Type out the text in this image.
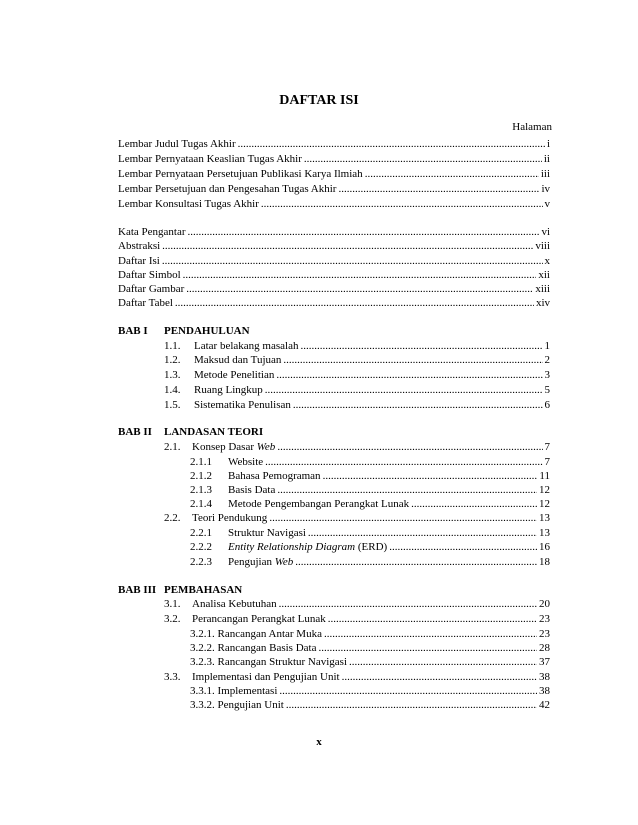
DAFTAR ISI
Halaman
Lembar Judul Tugas Akhir .....	i
Lembar Pernyataan Keaslian Tugas Akhir .....	ii
Lembar Pernyataan Persetujuan Publikasi Karya Ilmiah .....	iii
Lembar Persetujuan dan Pengesahan Tugas Akhir .....	iv
Lembar Konsultasi Tugas Akhir .....	v
Kata Pengantar .....	vi
Abstraksi .....	viii
Daftar Isi .....	x
Daftar Simbol .....	xii
Daftar Gambar .....	xiii
Daftar Tabel .....	xiv
BAB I PENDAHULUAN
1.1.	Latar belakang masalah .....	1
1.2.	Maksud dan Tujuan .....	2
1.3.	Metode Penelitian .....	3
1.4.	Ruang Lingkup .....	5
1.5.	Sistematika Penulisan .....	6
BAB II LANDASAN TEORI
2.1.	Konsep Dasar Web .....	7
2.1.1	Website .....	7
2.1.2	Bahasa Pemograman .....	11
2.1.3	Basis Data .....	12
2.1.4	Metode Pengembangan Perangkat Lunak .....	12
2.2.	Teori Pendukung .....	13
2.2.1	Struktur Navigasi .....	13
2.2.2	Entity Relationship Diagram (ERD) .....	16
2.2.3	Pengujian Web .....	18
BAB III PEMBAHASAN
3.1.	Analisa Kebutuhan .....	20
3.2.	Perancangan Perangkat Lunak .....	23
3.2.1. Rancangan Antar Muka .....	23
3.2.2. Rancangan Basis Data .....	28
3.2.3. Rancangan Struktur Navigasi .....	37
3.3.	Implementasi dan Pengujian Unit .....	38
3.3.1. Implementasi .....	38
3.3.2. Pengujian Unit .....	42
x
